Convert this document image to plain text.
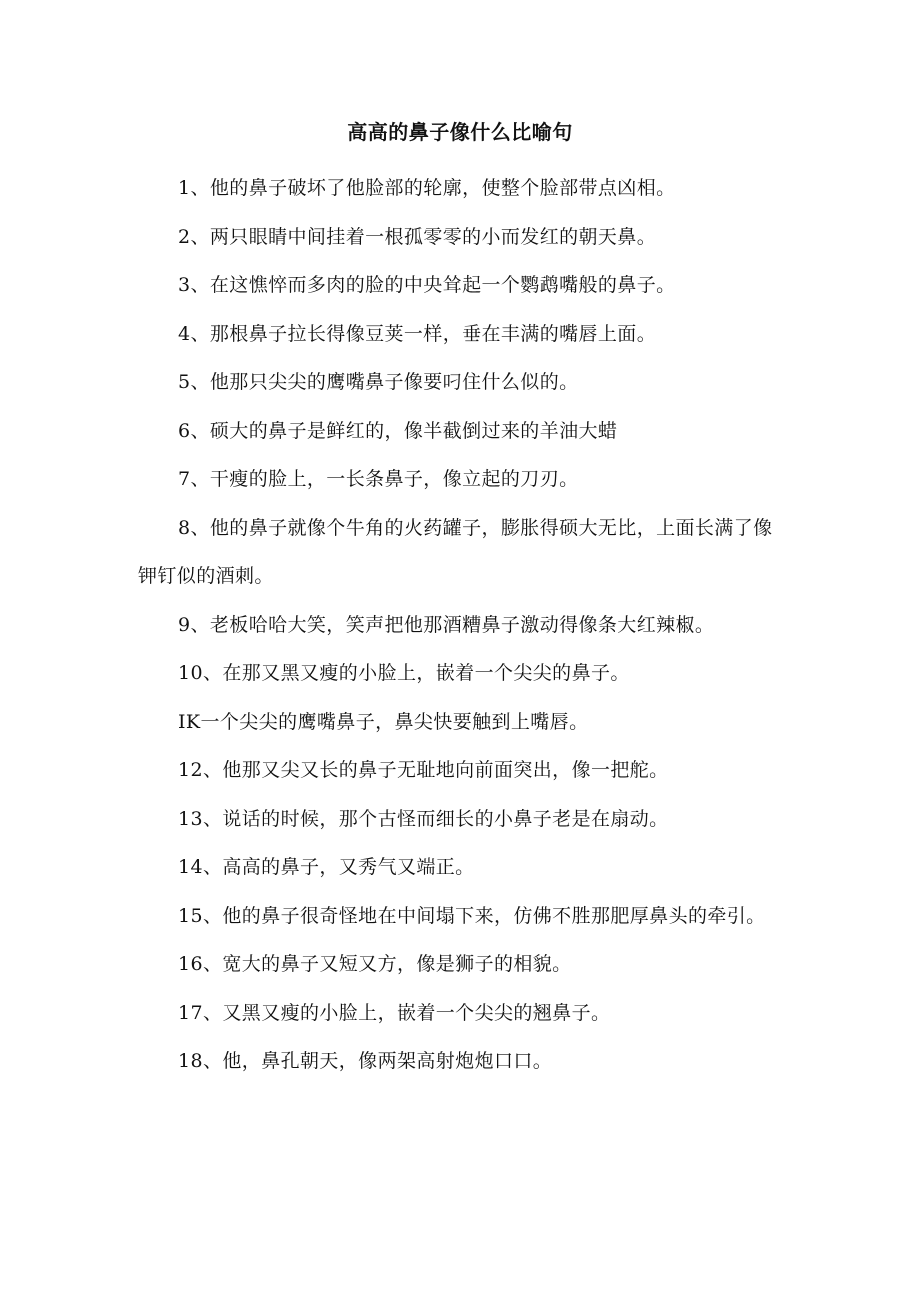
高高的鼻子像什么比喻句
1、他的鼻子破坏了他脸部的轮廓，使整个脸部带点凶相。
2、两只眼睛中间挂着一根孤零零的小而发红的朝天鼻。
3、在这憔悴而多肉的脸的中央耸起一个鹦鹉嘴般的鼻子。
4、那根鼻子拉长得像豆荚一样，垂在丰满的嘴唇上面。
5、他那只尖尖的鹰嘴鼻子像要叼住什么似的。
6、硕大的鼻子是鲜红的，像半截倒过来的羊油大蜡
7、干瘦的脸上，一长条鼻子，像立起的刀刃。
8、他的鼻子就像个牛角的火药罐子，膨胀得硕大无比，上面长满了像钾钉似的酒刺。
9、老板哈哈大笑，笑声把他那酒糟鼻子激动得像条大红辣椒。
10、在那又黑又瘦的小脸上，嵌着一个尖尖的鼻子。
IK一个尖尖的鹰嘴鼻子，鼻尖快要触到上嘴唇。
12、他那又尖又长的鼻子无耻地向前面突出，像一把舵。
13、说话的时候，那个古怪而细长的小鼻子老是在扇动。
14、高高的鼻子，又秀气又端正。
15、他的鼻子很奇怪地在中间塌下来，仿佛不胜那肥厚鼻头的牵引。
16、宽大的鼻子又短又方，像是狮子的相貌。
17、又黑又瘦的小脸上，嵌着一个尖尖的翘鼻子。
18、他，鼻孔朝天，像两架高射炮炮口口。
